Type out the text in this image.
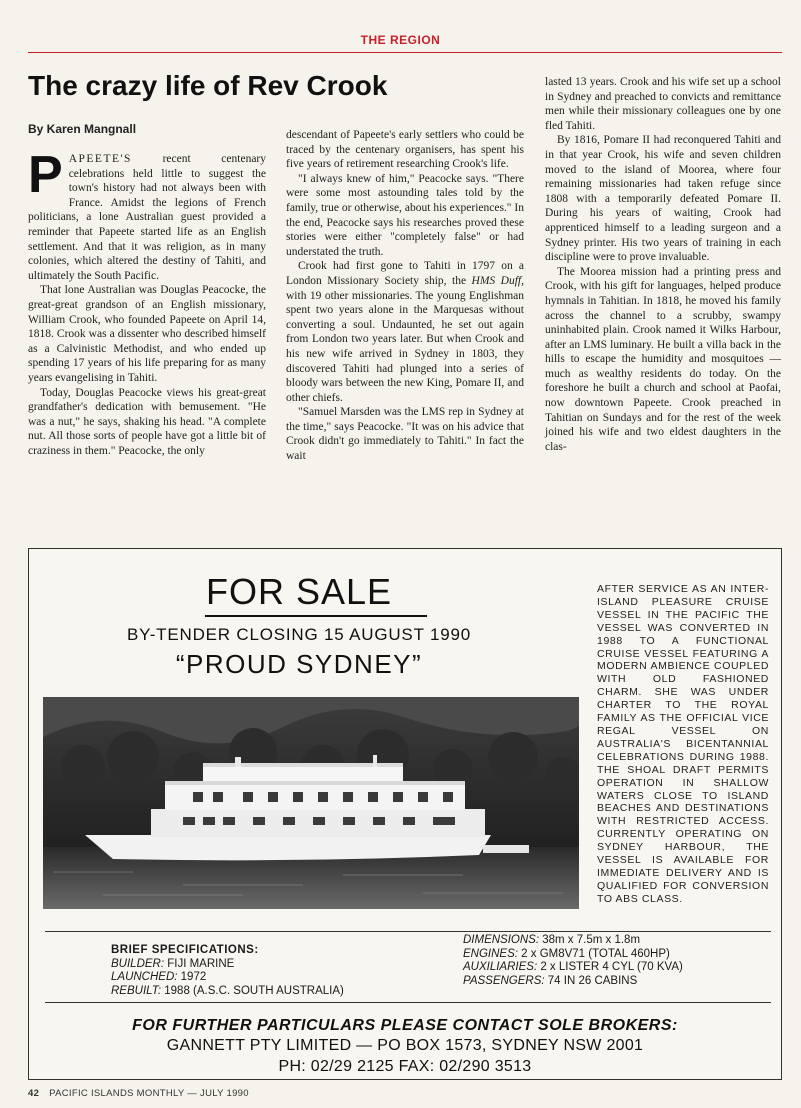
THE REGION
The crazy life of Rev Crook
By Karen Mangnall

PAPEETE'S recent centenary celebrations held little to suggest the town's history had not always been with France. Amidst the legions of French politicians, a lone Australian guest provided a reminder that Papeete started life as an English settlement. And that it was religion, as in many colonies, which altered the destiny of Tahiti, and ultimately the South Pacific.

That lone Australian was Douglas Peacocke, the great-great grandson of an English missionary, William Crook, who founded Papeete on April 14, 1818. Crook was a dissenter who described himself as a Calvinistic Methodist, and who ended up spending 17 years of his life preparing for as many years evangelising in Tahiti.

Today, Douglas Peacocke views his great-great grandfather's dedication with bemusement. "He was a nut," he says, shaking his head. "A complete nut. All those sorts of people have got a little bit of craziness in them." Peacocke, the only

descendant of Papeete's early settlers who could be traced by the centenary organisers, has spent his five years of retirement researching Crook's life.

"I always knew of him," Peacocke says. "There were some most astounding tales told by the family, true or otherwise, about his experiences." In the end, Peacocke says his researches proved these stories were either "completely false" or had understated the truth.

Crook had first gone to Tahiti in 1797 on a London Missionary Society ship, the HMS Duff, with 19 other missionaries. The young Englishman spent two years alone in the Marquesas without converting a soul. Undaunted, he set out again from London two years later. But when Crook and his new wife arrived in Sydney in 1803, they discovered Tahiti had plunged into a series of bloody wars between the new King, Pomare II, and other chiefs.

"Samuel Marsden was the LMS rep in Sydney at the time," says Peacocke. "It was on his advice that Crook didn't go immediately to Tahiti." In fact the wait

lasted 13 years. Crook and his wife set up a school in Sydney and preached to convicts and remittance men while their missionary colleagues one by one fled Tahiti.

By 1816, Pomare II had reconquered Tahiti and in that year Crook, his wife and seven children moved to the island of Moorea, where four remaining missionaries had taken refuge since 1808 with a temporarily defeated Pomare II. During his years of waiting, Crook had apprenticed himself to a leading surgeon and a Sydney printer. His two years of training in each discipline were to prove invaluable.

The Moorea mission had a printing press and Crook, with his gift for languages, helped produce hymnals in Tahitian. In 1818, he moved his family across the channel to a scrubby, swampy uninhabited plain. Crook named it Wilks Harbour, after an LMS luminary. He built a villa back in the hills to escape the humidity and mosquitoes — much as wealthy residents do today. On the foreshore he built a church and school at Paofai, now downtown Papeete. Crook preached in Tahitian on Sundays and for the rest of the week joined his wife and two eldest daughters in the clas-

FOR SALE
BY-TENDER CLOSING 15 AUGUST 1990
“PROUD SYDNEY”
AFTER SERVICE AS AN INTER-ISLAND PLEASURE CRUISE VESSEL IN THE PACIFIC THE VESSEL WAS CONVERTED IN 1988 TO A FUNCTIONAL CRUISE VESSEL FEATURING A MODERN AMBIENCE COUPLED WITH OLD FASHIONED CHARM. SHE WAS UNDER CHARTER TO THE ROYAL FAMILY AS THE OFFICIAL VICE REGAL VESSEL ON AUSTRALIA'S BICENTANNIAL CELEBRATIONS DURING 1988. THE SHOAL DRAFT PERMITS OPERATION IN SHALLOW WATERS CLOSE TO ISLAND BEACHES AND DESTINATIONS WITH RESTRICTED ACCESS. CURRENTLY OPERATING ON SYDNEY HARBOUR, THE VESSEL IS AVAILABLE FOR IMMEDIATE DELIVERY AND IS QUALIFIED FOR CONVERSION TO ABS CLASS.
BRIEF SPECIFICATIONS:
BUILDER: FIJI MARINE
LAUNCHED: 1972
REBUILT: 1988 (A.S.C. SOUTH AUSTRALIA)
DIMENSIONS: 38m x 7.5m x 1.8m
ENGINES: 2 x GM8V71 (TOTAL 460HP)
AUXILIARIES: 2 x LISTER 4 CYL (70 KVA)
PASSENGERS: 74 IN 26 CABINS
FOR FURTHER PARTICULARS PLEASE CONTACT SOLE BROKERS:
GANNETT PTY LIMITED — PO BOX 1573, SYDNEY NSW 2001
PH: 02/29 2125 FAX: 02/290 3513
42 PACIFIC ISLANDS MONTHLY — JULY 1990
